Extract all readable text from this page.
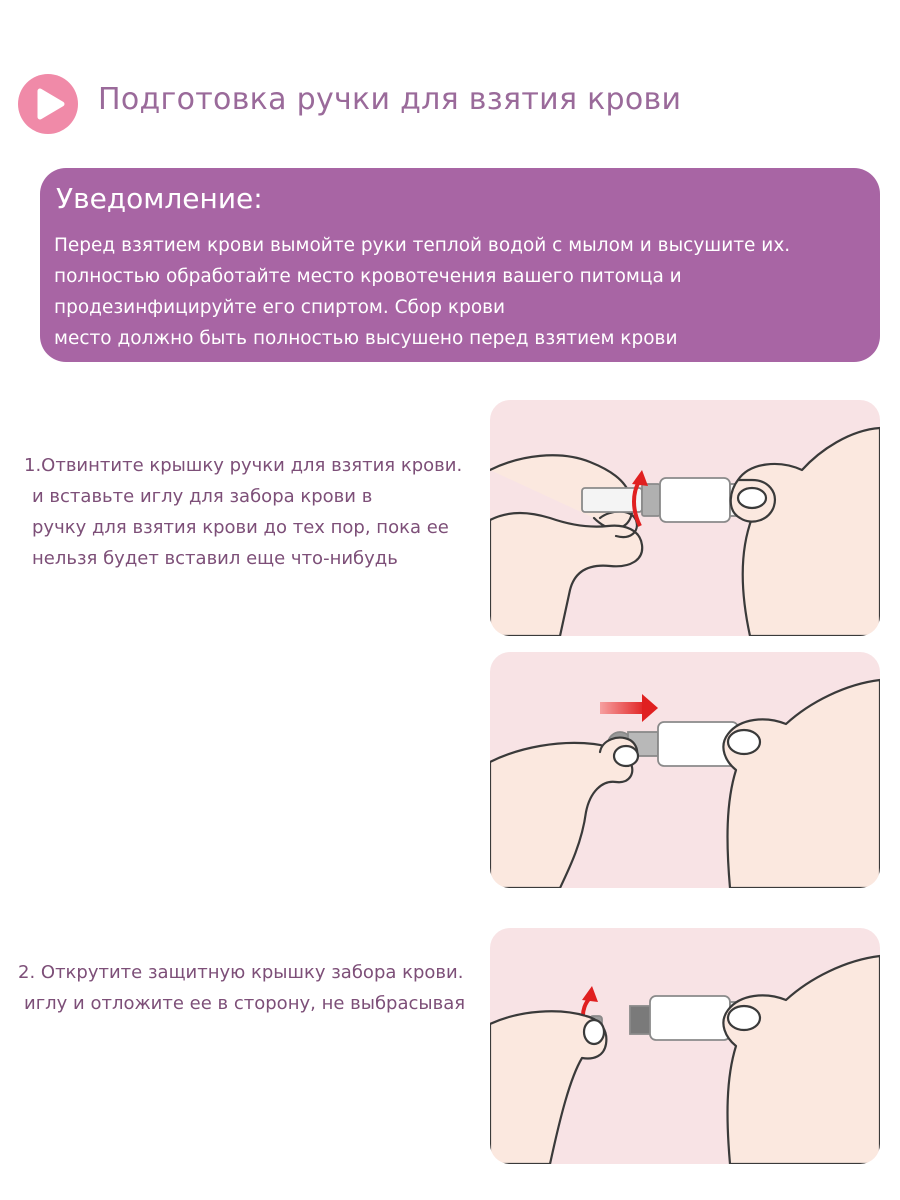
Подготовка ручки для взятия крови
Уведомление:
Перед взятием крови вымойте руки теплой водой с мылом и высушите их.
полностью обработайте место кровотечения вашего питомца и
продезинфицируйте его спиртом. Сбор крови
место должно быть полностью высушено перед взятием крови
1.Отвинтите крышку ручки для взятия крови.
и вставьте иглу для забора крови в
ручку для взятия крови до тех пор, пока ее
нельзя будет вставил еще что-нибудь
2. Открутите защитную крышку забора крови.
иглу и отложите ее в сторону, не выбрасывая
